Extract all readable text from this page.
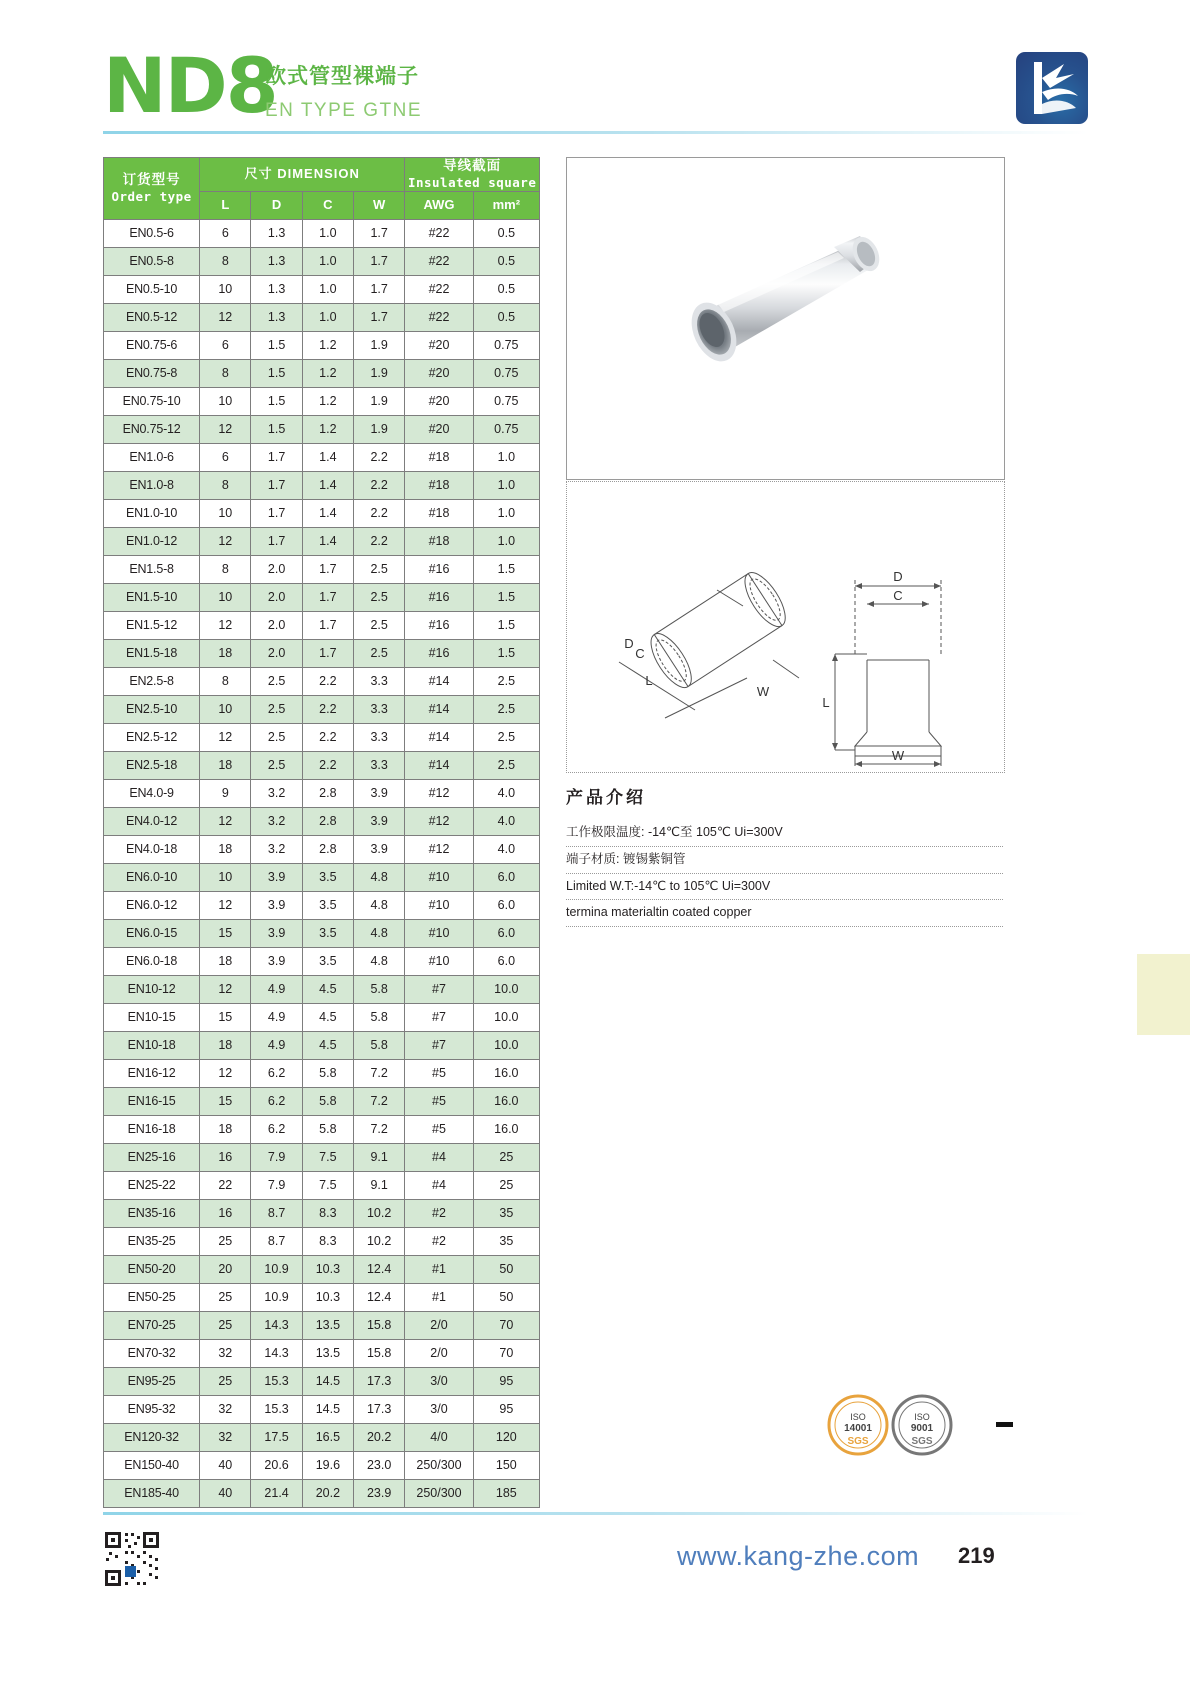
ND8
欧式管型裸端子
EN TYPE GTNE
订货型号
Order type	尺寸 DIMENSION				导线截面
Insulated square	

	L	D	C	W	AWG	mm²
EN0.5-6	6	1.3	1.0	1.7	#22	0.5
EN0.5-8	8	1.3	1.0	1.7	#22	0.5
EN0.5-10	10	1.3	1.0	1.7	#22	0.5
EN0.5-12	12	1.3	1.0	1.7	#22	0.5
EN0.75-6	6	1.5	1.2	1.9	#20	0.75
EN0.75-8	8	1.5	1.2	1.9	#20	0.75
EN0.75-10	10	1.5	1.2	1.9	#20	0.75
EN0.75-12	12	1.5	1.2	1.9	#20	0.75
EN1.0-6	6	1.7	1.4	2.2	#18	1.0
EN1.0-8	8	1.7	1.4	2.2	#18	1.0
EN1.0-10	10	1.7	1.4	2.2	#18	1.0
EN1.0-12	12	1.7	1.4	2.2	#18	1.0
EN1.5-8	8	2.0	1.7	2.5	#16	1.5
EN1.5-10	10	2.0	1.7	2.5	#16	1.5
EN1.5-12	12	2.0	1.7	2.5	#16	1.5
EN1.5-18	18	2.0	1.7	2.5	#16	1.5
EN2.5-8	8	2.5	2.2	3.3	#14	2.5
EN2.5-10	10	2.5	2.2	3.3	#14	2.5
EN2.5-12	12	2.5	2.2	3.3	#14	2.5
EN2.5-18	18	2.5	2.2	3.3	#14	2.5
EN4.0-9	9	3.2	2.8	3.9	#12	4.0
EN4.0-12	12	3.2	2.8	3.9	#12	4.0
EN4.0-18	18	3.2	2.8	3.9	#12	4.0
EN6.0-10	10	3.9	3.5	4.8	#10	6.0
EN6.0-12	12	3.9	3.5	4.8	#10	6.0
EN6.0-15	15	3.9	3.5	4.8	#10	6.0
EN6.0-18	18	3.9	3.5	4.8	#10	6.0
EN10-12	12	4.9	4.5	5.8	#7	10.0
EN10-15	15	4.9	4.5	5.8	#7	10.0
EN10-18	18	4.9	4.5	5.8	#7	10.0
EN16-12	12	6.2	5.8	7.2	#5	16.0
EN16-15	15	6.2	5.8	7.2	#5	16.0
EN16-18	18	6.2	5.8	7.2	#5	16.0
EN25-16	16	7.9	7.5	9.1	#4	25
EN25-22	22	7.9	7.5	9.1	#4	25
EN35-16	16	8.7	8.3	10.2	#2	35
EN35-25	25	8.7	8.3	10.2	#2	35
EN50-20	20	10.9	10.3	12.4	#1	50
EN50-25	25	10.9	10.3	12.4	#1	50
EN70-25	25	14.3	13.5	15.8	2/0	70
EN70-32	32	14.3	13.5	15.8	2/0	70
EN95-25	25	15.3	14.5	17.3	3/0	95
EN95-32	32	15.3	14.5	17.3	3/0	95
EN120-32	32	17.5	16.5	20.2	4/0	120
EN150-40	40	20.6	19.6	23.0	250/300	150
EN185-40	40	21.4	20.2	23.9	250/300	185
D
C
L
W
L
C
D
W
产品介绍
工作极限温度: -14℃至 105℃ Ui=300V
端子材质: 镀锡紫铜管
Limited W.T:-14℃ to 105℃ Ui=300V
termina materialtin coated copper
ISO
14001
SGS
ISO
9001
SGS
www.kang-zhe.com 219
